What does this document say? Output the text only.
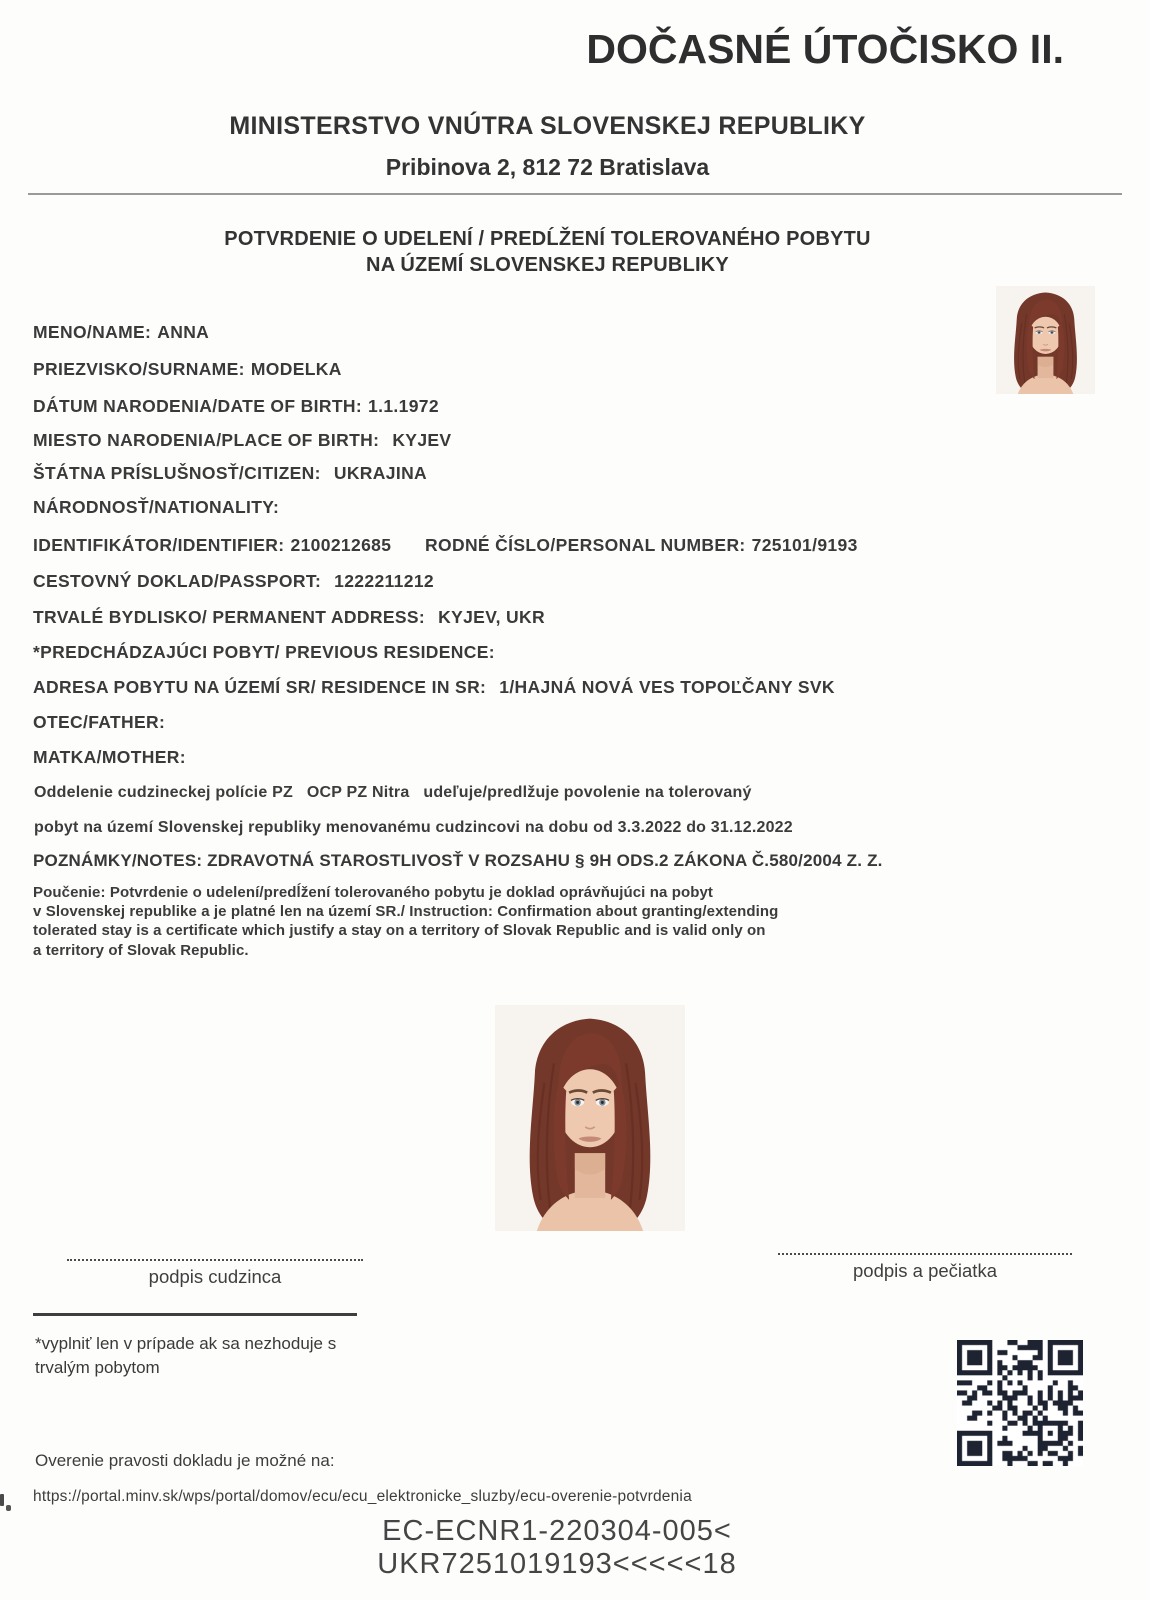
DOČASNÉ ÚTOČISKO II.
MINISTERSTVO VNÚTRA SLOVENSKEJ REPUBLIKY
Pribinova 2, 812 72 Bratislava
POTVRDENIE O UDELENÍ / PREDĹŽENÍ TOLEROVANÉHO POBYTU
NA ÚZEMÍ SLOVENSKEJ REPUBLIKY
MENO/NAME: ANNA
PRIEZVISKO/SURNAME: MODELKA
DÁTUM NARODENIA/DATE OF BIRTH: 1.1.1972
MIESTO NARODENIA/PLACE OF BIRTH: KYJEV
ŠTÁTNA PRÍSLUŠNOSŤ/CITIZEN: UKRAJINA
NÁRODNOSŤ/NATIONALITY:
IDENTIFIKÁTOR/IDENTIFIER: 2100212685 RODNÉ ČÍSLO/PERSONAL NUMBER: 725101/9193
CESTOVNÝ DOKLAD/PASSPORT: 1222211212
TRVALÉ BYDLISKO/ PERMANENT ADDRESS: KYJEV, UKR
*PREDCHÁDZAJÚCI POBYT/ PREVIOUS RESIDENCE:
ADRESA POBYTU NA ÚZEMÍ SR/ RESIDENCE IN SR: 1/HAJNÁ NOVÁ VES TOPOĽČANY SVK
OTEC/FATHER:
MATKA/MOTHER:
Oddelenie cudzineckej polície PZ   OCP PZ Nitra   udeľuje/predlžuje povolenie na tolerovaný
pobyt na území Slovenskej republiky menovanému cudzincovi na dobu od 3.3.2022 do 31.12.2022
POZNÁMKY/NOTES: ZDRAVOTNÁ STAROSTLIVOSŤ V ROZSAHU § 9H ODS.2 ZÁKONA Č.580/2004 Z. Z.
Poučenie: Potvrdenie o udelení/predĺžení tolerovaného pobytu je doklad oprávňujúci na pobyt
v Slovenskej republike a je platné len na území SR./ Instruction: Confirmation about granting/extending
tolerated stay is a certificate which justify a stay on a territory of Slovak Republic and is valid only on
a territory of Slovak Republic.
podpis cudzinca	podpis a pečiatka
*vyplniť len v prípade ak sa nezhoduje s
trvalým pobytom
Overenie pravosti dokladu je možné na:
https://portal.minv.sk/wps/portal/domov/ecu/ecu_elektronicke_sluzby/ecu-overenie-potvrdenia
EC-ECNR1-220304-005<
UKR7251019193<<<<<18
